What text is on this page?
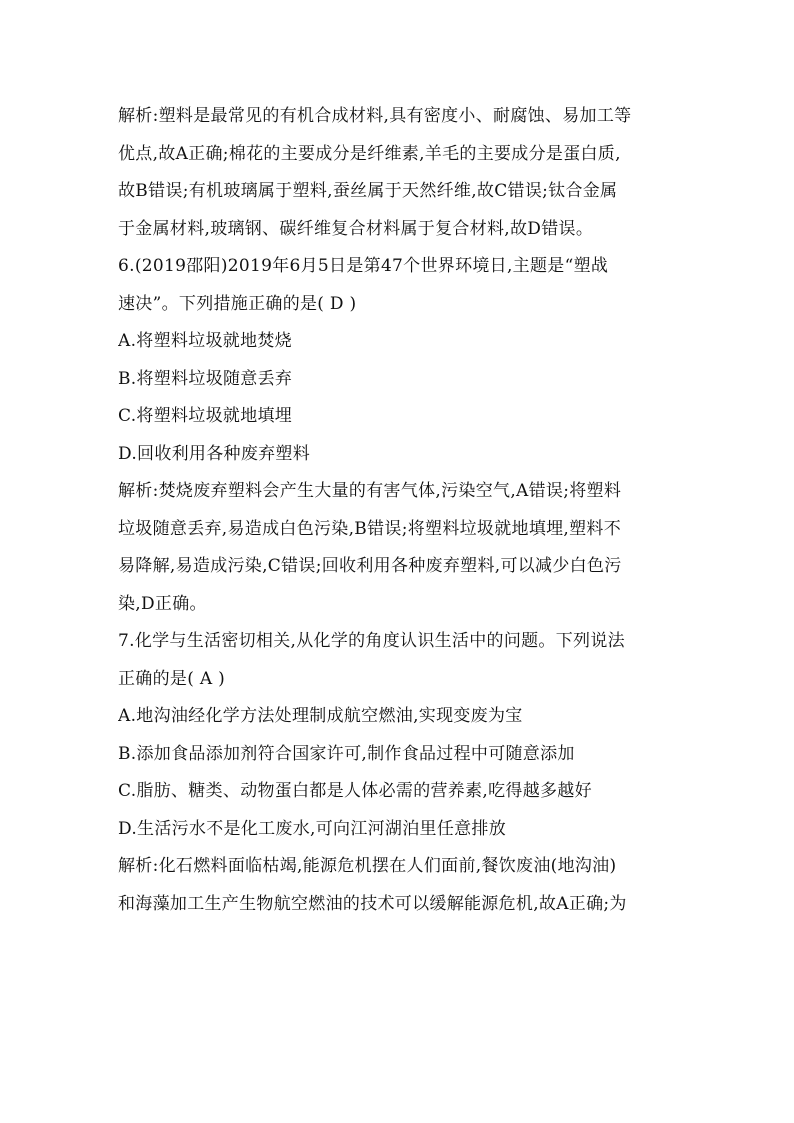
解析:塑料是最常见的有机合成材料,具有密度小、耐腐蚀、易加工等
优点,故A正确;棉花的主要成分是纤维素,羊毛的主要成分是蛋白质,
故B错误;有机玻璃属于塑料,蚕丝属于天然纤维,故C错误;钛合金属
于金属材料,玻璃钢、碳纤维复合材料属于复合材料,故D错误。
6.(2019邵阳)2019年6月5日是第47个世界环境日,主题是“塑战
速决”。下列措施正确的是( D )
A.将塑料垃圾就地焚烧
B.将塑料垃圾随意丢弃
C.将塑料垃圾就地填埋
D.回收利用各种废弃塑料
解析:焚烧废弃塑料会产生大量的有害气体,污染空气,A错误;将塑料
垃圾随意丢弃,易造成白色污染,B错误;将塑料垃圾就地填埋,塑料不
易降解,易造成污染,C错误;回收利用各种废弃塑料,可以减少白色污
染,D正确。
7.化学与生活密切相关,从化学的角度认识生活中的问题。下列说法
正确的是( A )
A.地沟油经化学方法处理制成航空燃油,实现变废为宝
B.添加食品添加剂符合国家许可,制作食品过程中可随意添加
C.脂肪、糖类、动物蛋白都是人体必需的营养素,吃得越多越好
D.生活污水不是化工废水,可向江河湖泊里任意排放
解析:化石燃料面临枯竭,能源危机摆在人们面前,餐饮废油(地沟油)
和海藻加工生产生物航空燃油的技术可以缓解能源危机,故A正确;为
